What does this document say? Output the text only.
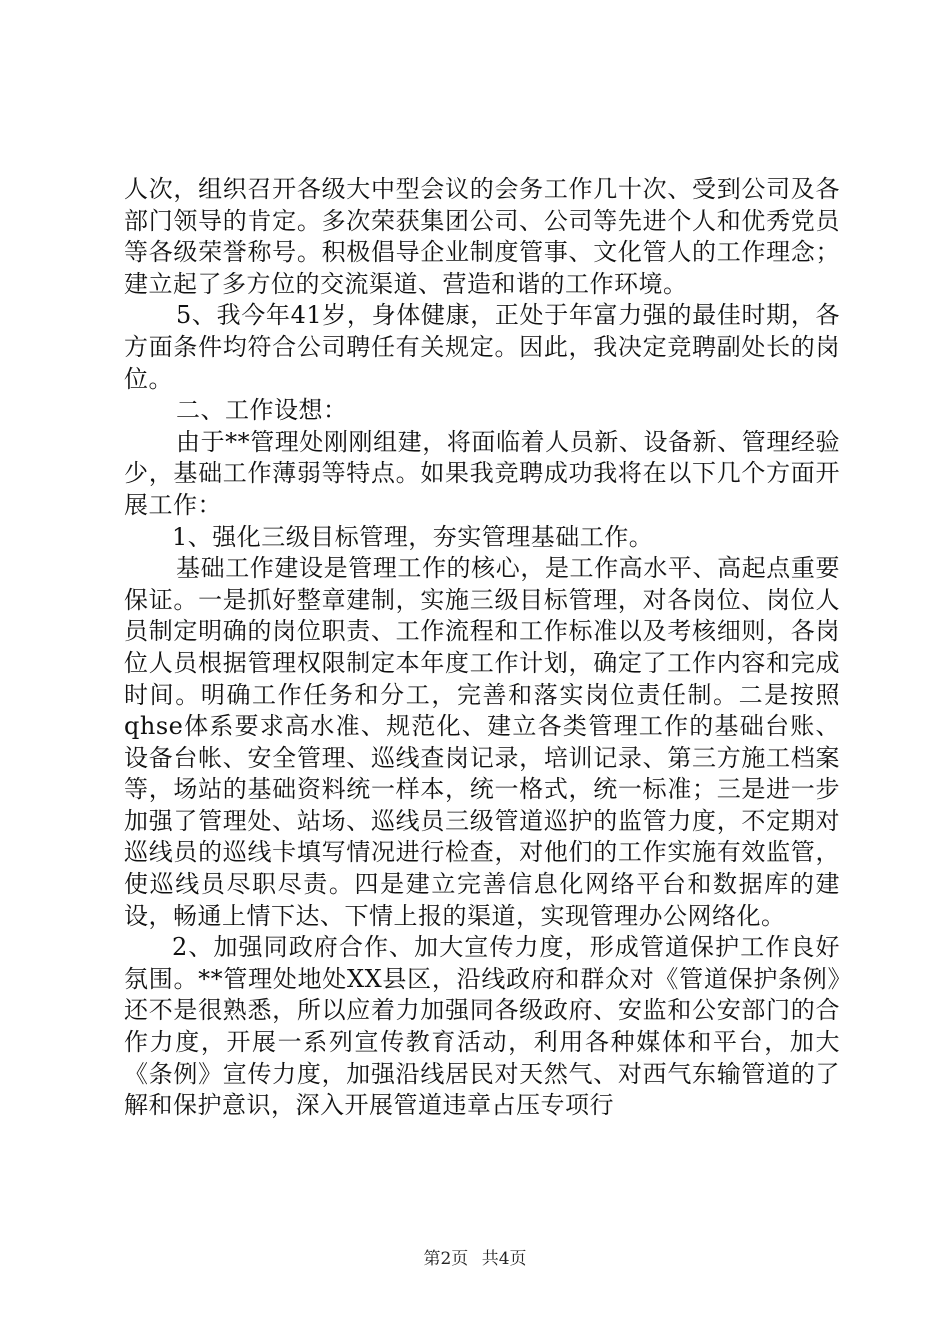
人次，组织召开各级大中型会议的会务工作几十次、受到公司及各部门领导的肯定。多次荣获集团公司、公司等先进个人和优秀党员等各级荣誉称号。积极倡导企业制度管事、文化管人的工作理念；建立起了多方位的交流渠道、营造和谐的工作环境。

5、我今年41岁，身体健康，正处于年富力强的最佳时期，各方面条件均符合公司聘任有关规定。因此，我决定竞聘副处长的岗位。

二、工作设想：

由于**管理处刚刚组建，将面临着人员新、设备新、管理经验少，基础工作薄弱等特点。如果我竞聘成功我将在以下几个方面开展工作：

1、强化三级目标管理，夯实管理基础工作。

基础工作建设是管理工作的核心，是工作高水平、高起点重要保证。一是抓好整章建制，实施三级目标管理，对各岗位、岗位人员制定明确的岗位职责、工作流程和工作标准以及考核细则，各岗位人员根据管理权限制定本年度工作计划，确定了工作内容和完成时间。明确工作任务和分工，完善和落实岗位责任制。二是按照qhse体系要求高水准、规范化、建立各类管理工作的基础台账、设备台帐、安全管理、巡线查岗记录，培训记录、第三方施工档案等，场站的基础资料统一样本，统一格式，统一标准；三是进一步加强了管理处、站场、巡线员三级管道巡护的监管力度，不定期对巡线员的巡线卡填写情况进行检查，对他们的工作实施有效监管，使巡线员尽职尽责。四是建立完善信息化网络平台和数据库的建设，畅通上情下达、下情上报的渠道，实现管理办公网络化。

2、加强同政府合作、加大宣传力度，形成管道保护工作良好氛围。**管理处地处XX县区，沿线政府和群众对《管道保护条例》还不是很熟悉，所以应着力加强同各级政府、安监和公安部门的合作力度，开展一系列宣传教育活动，利用各种媒体和平台，加大《条例》宣传力度，加强沿线居民对天然气、对西气东输管道的了解和保护意识，深入开展管道违章占压专项行

第2页 共4页
